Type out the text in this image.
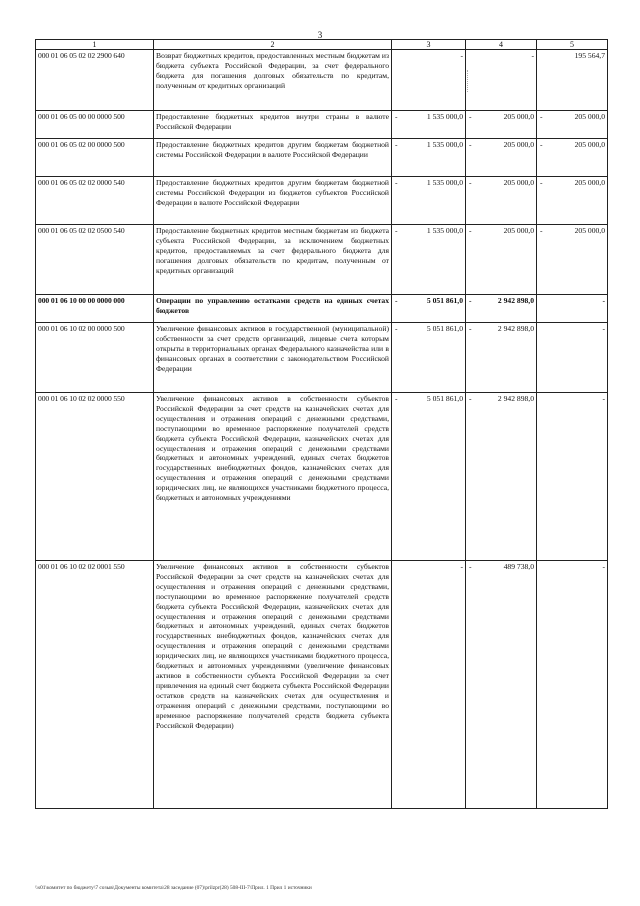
3
1	2	3	4	5
000 01 06 05 02 02 2900 640	Возврат бюджетных кредитов, предоставленных местным бюджетам из бюджета субъекта Российской Федерации, за счет федерального бюджета для погашения долговых обязательств по кредитам, полученным от кредитных организаций	-	-	195 564,7

000 01 06 05 00 00 0000 500	Предоставление бюджетных кредитов внутри страны в валюте Российской Федерации	- 1 535 000,0	- 205 000,0	- 205 000,0

000 01 06 05 02 00 0000 500	Предоставление бюджетных кредитов другим бюджетам бюджетной системы Российской Федерации в валюте Российской Федерации	- 1 535 000,0	- 205 000,0	- 205 000,0

000 01 06 05 02 02 0000 540	Предоставление бюджетных кредитов другим бюджетам бюджетной системы Российской Федерации из бюджетов субъектов Российской Федерации в валюте Российской Федерации	- 1 535 000,0	- 205 000,0	- 205 000,0

000 01 06 05 02 02 0500 540	Предоставление бюджетных кредитов местным бюджетам из бюджета субъекта Российской Федерации, за исключением бюджетных кредитов, предоставляемых за счет федерального бюджета для погашения долговых обязательств по кредитам, полученным от кредитных организаций	- 1 535 000,0	- 205 000,0	- 205 000,0

000 01 06 10 00 00 0000 000	Операции по управлению остатками средств на единых счетах бюджетов	- 5 051 861,0	- 2 942 898,0	-

000 01 06 10 02 00 0000 500	Увеличение финансовых активов в государственной (муниципальной) собственности за счет средств организаций, лицевые счета которым открыты в территориальных органах Федерального казначейства или в финансовых органах в соответствии с законодательством Российской Федерации	- 5 051 861,0	- 2 942 898,0	-

000 01 06 10 02 02 0000 550	Увеличение финансовых активов в собственности субъектов Российской Федерации за счет средств на казначейских счетах для осуществления и отражения операций с денежными средствами, поступающими во временное распоряжение получателей средств бюджета субъекта Российской Федерации, казначейских счетах для осуществления и отражения операций с денежными средствами бюджетных и автономных учреждений, единых счетах бюджетов государственных внебюджетных фондов, казначейских счетах для осуществления и отражения операций с денежными средствами юридических лиц, не являющихся участниками бюджетного процесса, бюджетных и автономных учреждениями	- 5 051 861,0	- 2 942 898,0	-

000 01 06 10 02 02 0001 550	Увеличение финансовых активов в собственности субъектов Российской Федерации за счет средств на казначейских счетах для осуществления и отражения операций с денежными средствами, поступающими во временное распоряжение получателей средств бюджета субъекта Российской Федерации, казначейских счетах для осуществления и отражения операций с денежными средствами бюджетных и автономных учреждений, единых счетах бюджетов государственных внебюджетных фондов, казначейских счетах для осуществления и отражения операций с денежными средствами юридических лиц, не являющихся участниками бюджетного процесса, бюджетных и автономных учреждениями (увеличение финансовых активов в собственности субъекта Российской Федерации за счет привлечения на единый счет бюджета субъекта Российской Федерации остатков средств на казначейских счетах для осуществления и отражения операций с денежными средствами, поступающими во временное распоряжение получателей средств бюджета субъекта Российской Федерации)	-	- 489 738,0	-
\\s01\комитет по бюджету\7 созыв\Документы комитета\28 заседание (07)\prilzpr(28) 508-III-7\Прил. 1 Прил 1 источники
